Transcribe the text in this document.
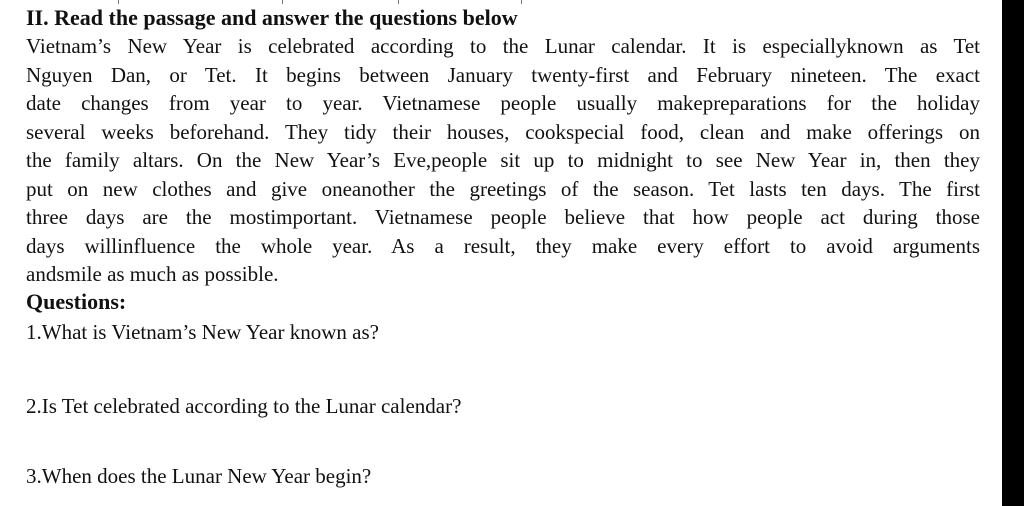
II. Read the passage and answer the questions below
Vietnam’s New Year is celebrated according to the Lunar calendar. It is especiallyknown as Tet
Nguyen Dan, or Tet. It begins between January twenty-first and February nineteen. The exact
date changes from year to year. Vietnamese people usually makepreparations for the holiday
several weeks beforehand. They tidy their houses, cookspecial food, clean and make offerings on
the family altars. On the New Year’s Eve,people sit up to midnight to see New Year in, then they
put on new clothes and give oneanother the greetings of the season. Tet lasts ten days. The first
three days are the mostimportant. Vietnamese people believe that how people act during those
days willinfluence the whole year. As a result, they make every effort to avoid arguments
andsmile as much as possible.
Questions:
1.What is Vietnam’s New Year known as?
2.Is Tet celebrated according to the Lunar calendar?
3.When does the Lunar New Year begin?
